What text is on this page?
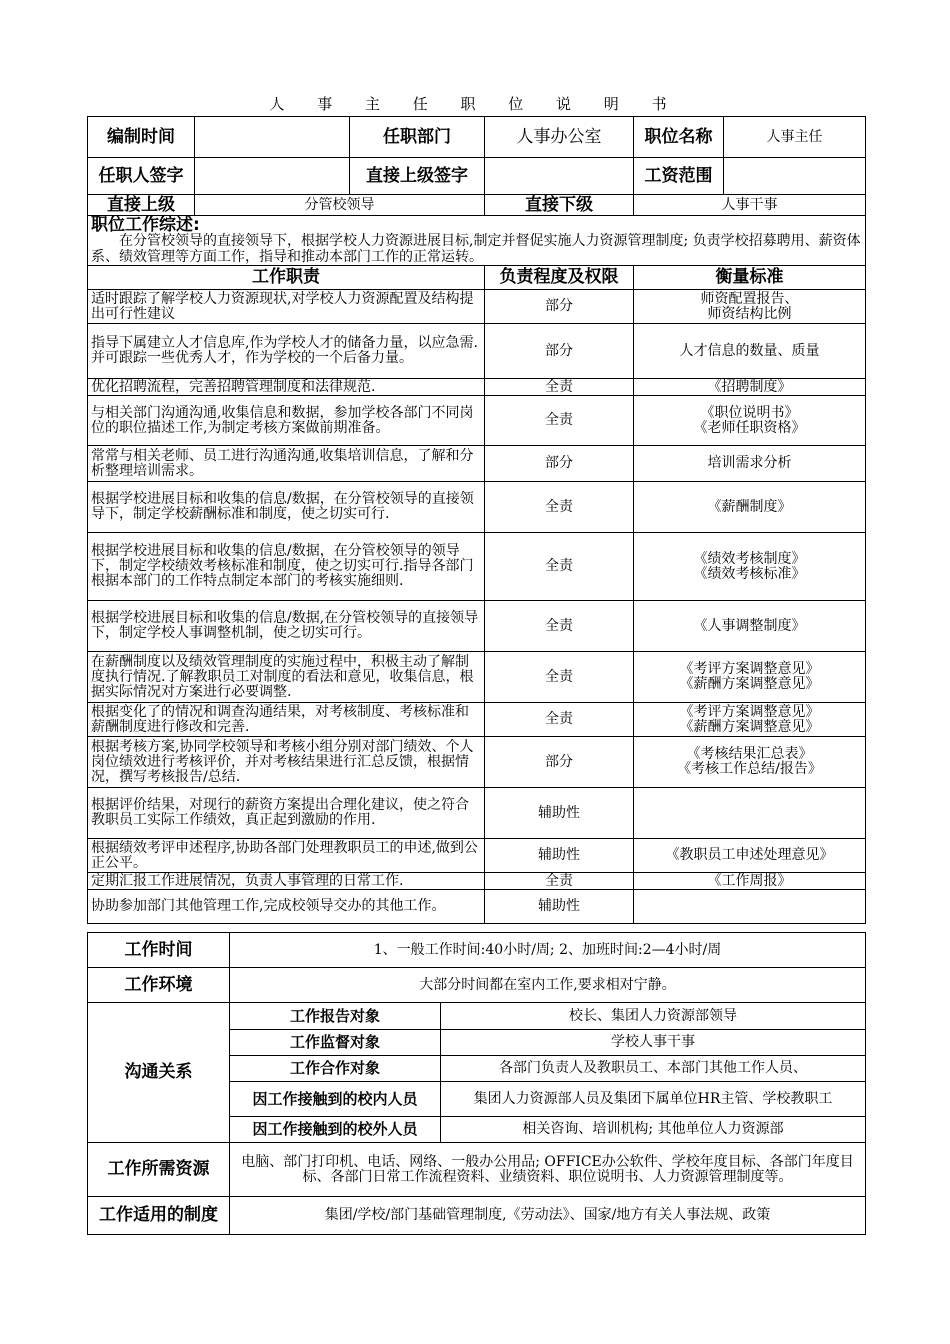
人 事 主 任 职 位 说 明 书
编制时间		任职部门	人事办公室	职位名称	人事主任
任职人签字		直接上级签字		工资范围	
直接上级	分管校领导		直接下级	人事干事	

职位工作综述:
在分管校领导的直接领导下，根据学校人力资源进展目标,制定并督促实施人力资源管理制度; 负责学校招募聘用、薪资体系、绩效管理等方面工作，指导和推动本部门工作的正常运转。					

工作职责			负责程度及权限	衡量标准	
适时跟踪了解学校人力资源现状,对学校人力资源配置及结构提出可行性建议			部分	师资配置报告、
师资结构比例	
指导下属建立人才信息库,作为学校人才的储备力量，以应急需.并可跟踪一些优秀人才，作为学校的一个后备力量。			部分	人才信息的数量、质量	
优化招聘流程，完善招聘管理制度和法律规范.			全责	《招聘制度》	
与相关部门沟通沟通,收集信息和数据，参加学校各部门不同岗位的职位描述工作,为制定考核方案做前期准备。			全责	《职位说明书》
《老师任职资格》	
常常与相关老师、员工进行沟通沟通,收集培训信息，了解和分析整理培训需求。			部分	培训需求分析	
根据学校进展目标和收集的信息/数据，在分管校领导的直接领导下，制定学校薪酬标准和制度，使之切实可行.			全责	《薪酬制度》	
根据学校进展目标和收集的信息/数据，在分管校领导的领导下，制定学校绩效考核标准和制度，使之切实可行.指导各部门根据本部门的工作特点制定本部门的考核实施细则.			全责	《绩效考核制度》
《绩效考核标准》	
根据学校进展目标和收集的信息/数据,在分管校领导的直接领导下，制定学校人事调整机制，使之切实可行。			全责	《人事调整制度》	
在薪酬制度以及绩效管理制度的实施过程中，积极主动了解制度执行情况.了解教职员工对制度的看法和意见，收集信息，根据实际情况对方案进行必要调整.			全责	《考评方案调整意见》
《薪酬方案调整意见》	
根据变化了的情况和调查沟通结果，对考核制度、考核标准和薪酬制度进行修改和完善.			全责	《考评方案调整意见》
《薪酬方案调整意见》	
根据考核方案,协同学校领导和考核小组分别对部门绩效、个人岗位绩效进行考核评价，并对考核结果进行汇总反馈，根据情况，撰写考核报告/总结.			部分	《考核结果汇总表》
《考核工作总结/报告》	
根据评价结果，对现行的薪资方案提出合理化建议，使之符合教职员工实际工作绩效，真正起到激励的作用.			辅助性		
根据绩效考评申述程序,协助各部门处理教职员工的申述,做到公正公平。			辅助性	《教职员工申述处理意见》	
定期汇报工作进展情况，负责人事管理的日常工作.			全责	《工作周报》	
协助参加部门其他管理工作,完成校领导交办的其他工作。			辅助性		
工作时间	1、一般工作时间:40小时/周; 2、加班时间:2—4小时/周	
工作环境	大部分时间都在室内工作,要求相对宁静。	
沟通关系	工作报告对象	校长、集团人力资源部领导
	工作监督对象	学校人事干事
	工作合作对象	各部门负责人及教职员工、本部门其他工作人员、
	因工作接触到的校内人员	集团人力资源部人员及集团下属单位HR主管、学校教职工
	因工作接触到的校外人员	相关咨询、培训机构; 其他单位人力资源部
工作所需资源	电脑、部门打印机、电话、网络、一般办公用品; OFFICE办公软件、学校年度目标、各部门年度目标、各部门日常工作流程资料、业绩资料、职位说明书、人力资源管理制度等。	
工作适用的制度	集团/学校/部门基础管理制度,《劳动法》、国家/地方有关人事法规、政策	
